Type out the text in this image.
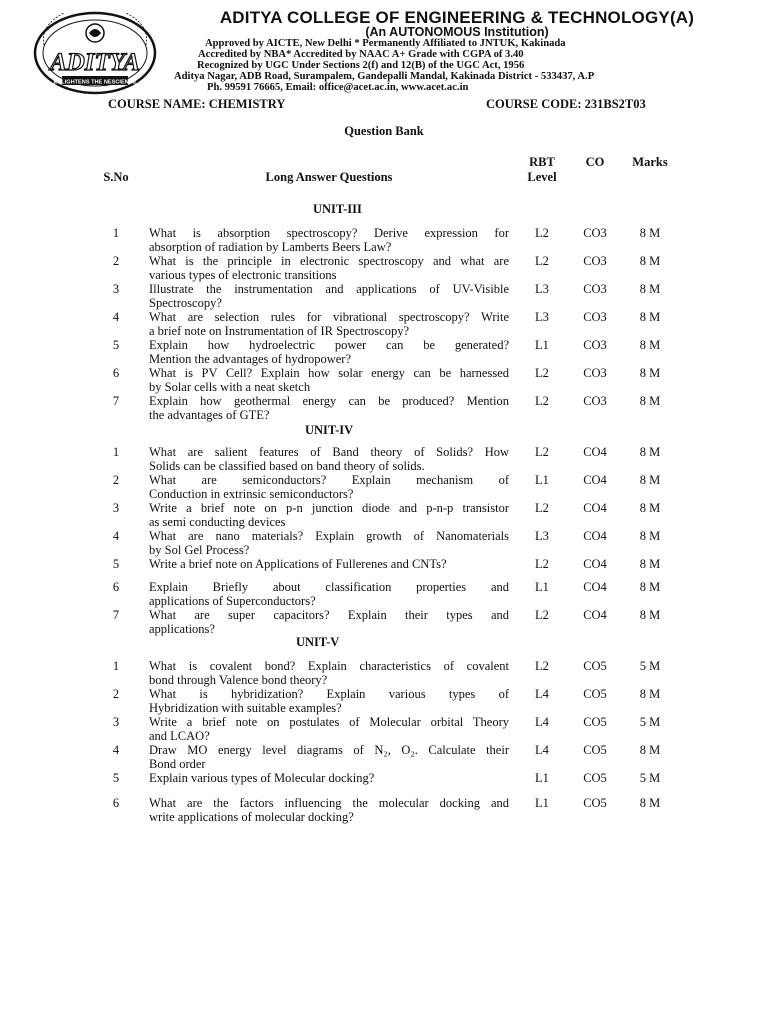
ADITYA
ENLIGHTENS THE NESCIENCE
ADITYA COLLEGE OF ENGINEERING & TECHNOLOGY(A)
(An AUTONOMOUS Institution)
Approved by AICTE, New Delhi * Permanently Affiliated to JNTUK, Kakinada
Accredited by NBA* Accredited by NAAC A+ Grade with CGPA of 3.40
Recognized by UGC Under Sections 2(f) and 12(B) of the UGC Act, 1956
Aditya Nagar, ADB Road, Surampalem, Gandepalli Mandal, Kakinada District - 533437, A.P
Ph. 99591 76665, Email: office@acet.ac.in, www.acet.ac.in
COURSE NAME: CHEMISTRY	COURSE CODE: 231BS2T03
Question Bank
S.No	Long Answer Questions
RBT
Level
CO	Marks
UNIT-III
1	What is absorption spectroscopy? Derive expression for
absorption of radiation by Lamberts Beers Law?
L2	CO3	8 M
2	What is the principle in electronic spectroscopy and what are
various types of electronic transitions
L2	CO3	8 M
3	Illustrate the instrumentation and applications of UV-Visible
Spectroscopy?
L3	CO3	8 M
4	What are selection rules for vibrational spectroscopy? Write
a brief note on Instrumentation of IR Spectroscopy?
L3	CO3	8 M
5	Explain how hydroelectric power can be generated?
Mention the advantages of hydropower?
L1	CO3	8 M
6	What is PV Cell? Explain how solar energy can be harnessed
by Solar cells with a neat sketch
L2	CO3	8 M
7	Explain how geothermal energy can be produced? Mention
the advantages of GTE?
L2	CO3	8 M
UNIT-IV
1	What are salient features of Band theory of Solids? How
Solids can be classified based on band theory of solids.
L2	CO4	8 M
2	What are semiconductors? Explain mechanism of
Conduction in extrinsic semiconductors?
L1	CO4	8 M
3	Write a brief note on p-n junction diode and p-n-p transistor
as semi conducting devices
L2	CO4	8 M
4	What are nano materials? Explain growth of Nanomaterials
by Sol Gel Process?
L3	CO4	8 M
5	Write a brief note on Applications of Fullerenes and CNTs?	L2	CO4	8 M
6	Explain Briefly about classification properties and
applications of Superconductors?
L1	CO4	8 M
7	What are super capacitors? Explain their types and
applications?
L2	CO4	8 M
UNIT-V
1	What is covalent bond? Explain characteristics of covalent
bond through Valence bond theory?
L2	CO5	5 M
2	What is hybridization? Explain various types of
Hybridization with suitable examples?
L4	CO5	8 M
3	Write a brief note on postulates of Molecular orbital Theory
and LCAO?
L4	CO5	5 M
4	Draw MO energy level diagrams of N₂, O₂. Calculate their
Bond order
L4	CO5	8 M
5	Explain various types of Molecular docking?	L1	CO5	5 M
6	What are the factors influencing the molecular docking and
write applications of molecular docking?
L1	CO5	8 M
